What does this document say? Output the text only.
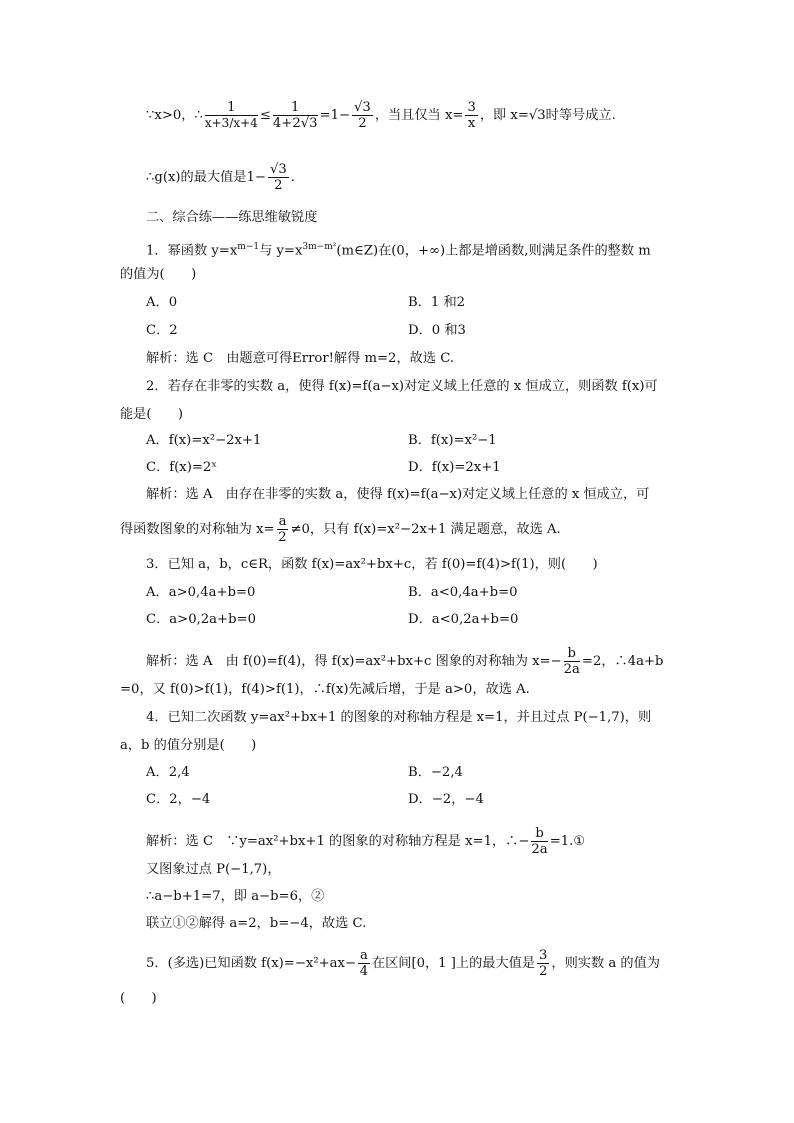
∵x>0，∴ $\frac{1}{x+3/x+4} \le \frac{1}{4+2√3} =1- \frac{√3}{2}$ ，当且仅当 $x= \frac{3}{x}$ ，即 x=√3时等号成立.
∴g(x)的最大值是$1- \frac{√3}{2}$ .
二、综合练——练思维敏锐度
1．幂函数 $y=x^{m-1}$与 $y=x^{3m-m^2}(m\in Z)$在(0，+∞)上都是增函数,则满足条件的整数 m
的值为(　　)
A．0	B．1 和2
C．2	D．0 和3
解析：选 C　由题意可得Error!解得 m=2，故选 C.
2．若存在非零的实数 a，使得 f(x)=f(a−x)对定义域上任意的 x 恒成立，则函数 f(x)可
能是(　　)
A．f(x)=x²−2x+1	B．f(x)=x²−1
C．f(x)=2ˣ	D．f(x)=2x+1
解析：选 A　由存在非零的实数 a，使得 f(x)=f(a−x)对定义域上任意的 x 恒成立，可
得函数图象的对称轴为 $x= \frac{a}{2} \ne 0$，只有 f(x)=x²−2x+1 满足题意，故选 A.
3．已知 a，b，c∈R，函数 f(x)=ax²+bx+c，若 f(0)=f(4)>f(1)，则(　　)
A．a>0,4a+b=0	B．a<0,4a+b=0
C．a>0,2a+b=0	D．a<0,2a+b=0
解析：选 A　由 f(0)=f(4)，得 f(x)=ax²+bx+c 图象的对称轴为 $x=- \frac{b}{2a} =2$，∴4a+b
=0，又 f(0)>f(1)，f(4)>f(1)，∴f(x)先减后增，于是 a>0，故选 A.
4．已知二次函数 y=ax²+bx+1 的图象的对称轴方程是 x=1，并且过点 P(−1,7)，则
a，b 的值分别是(　　)
A．2,4	B．−2,4
C．2，−4	D．−2，−4
解析：选 C　∵y=ax²+bx+1 的图象的对称轴方程是 x=1，∴− $\frac{b}{2a}$ =1.①
又图象过点 P(−1,7)，
∴a−b+1=7，即 a−b=6，②
联立①②解得 a=2，b=−4，故选 C.
5．(多选)已知函数 $f(x)=-x^2+ax- \frac{a}{4}$ 在区间[0，1 ]上的最大值是 $\frac{3}{2}$ ，则实数 a 的值为
(　　)
